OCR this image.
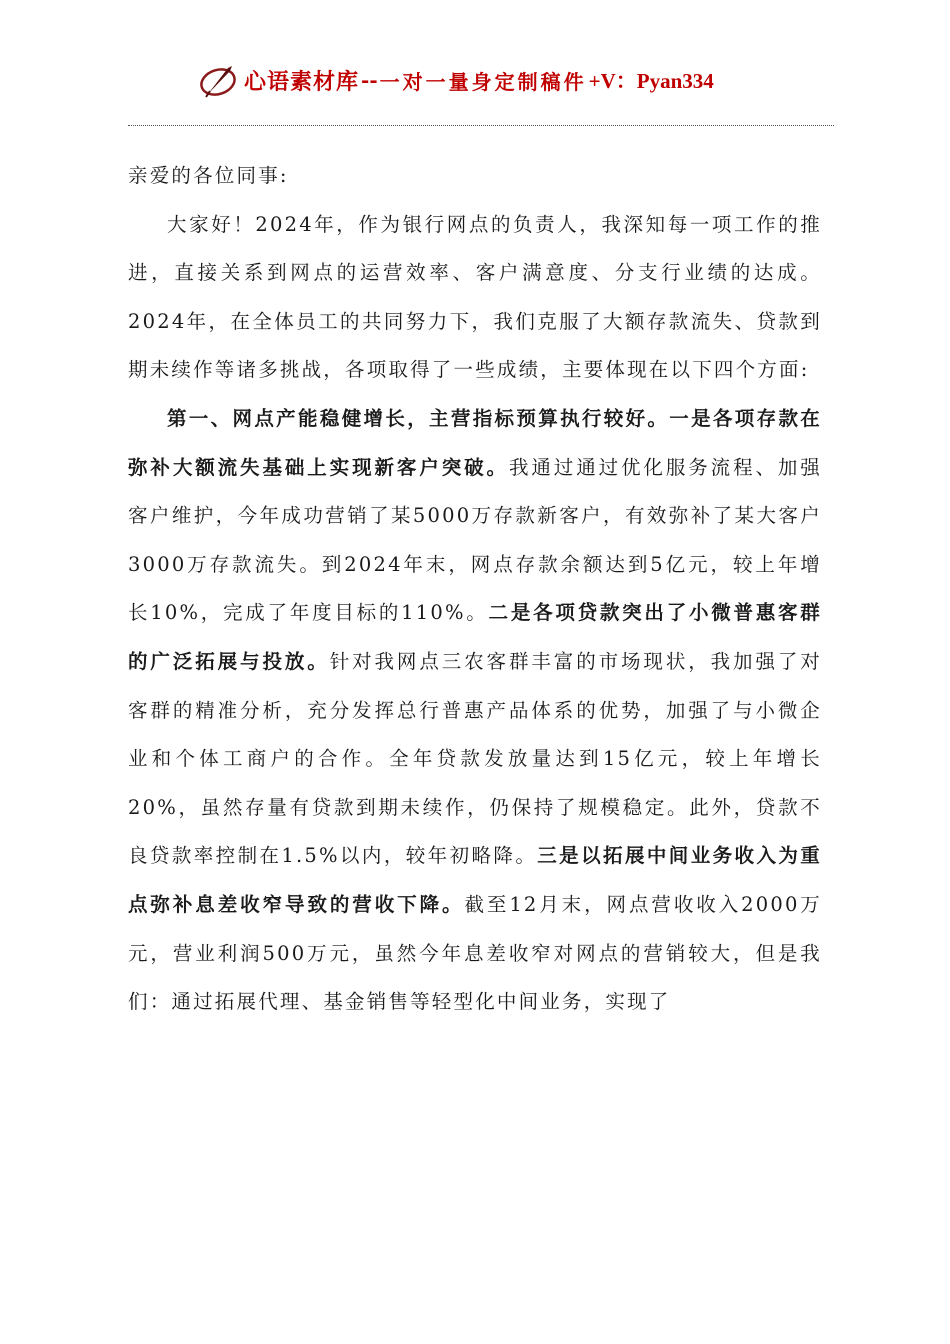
心语素材库 -- 一对一量身定制稿件 +V：Pyan334

亲爱的各位同事:

大家好！2024年，作为银行网点的负责人，我深知每一项工作的推进，直接关系到网点的运营效率、客户满意度、分支行业绩的达成。2024年，在全体员工的共同努力下，我们克服了大额存款流失、贷款到期未续作等诸多挑战，各项取得了一些成绩，主要体现在以下四个方面:

第一、网点产能稳健增长，主营指标预算执行较好。一是各项存款在弥补大额流失基础上实现新客户突破。我通过通过优化服务流程、加强客户维护，今年成功营销了某5000万存款新客户，有效弥补了某大客户3000万存款流失。到2024年末，网点存款余额达到5亿元，较上年增长10%，完成了年度目标的110%。二是各项贷款突出了小微普惠客群的广泛拓展与投放。针对我网点三农客群丰富的市场现状，我加强了对客群的精准分析，充分发挥总行普惠产品体系的优势，加强了与小微企业和个体工商户的合作。全年贷款发放量达到15亿元，较上年增长20%，虽然存量有贷款到期未续作，仍保持了规模稳定。此外，贷款不良贷款率控制在1.5%以内，较年初略降。三是以拓展中间业务收入为重点弥补息差收窄导致的营收下降。截至12月末，网点营收收入2000万元，营业利润500万元，虽然今年息差收窄对网点的营销较大，但是我们：通过拓展代理、基金销售等轻型化中间业务，实现了
